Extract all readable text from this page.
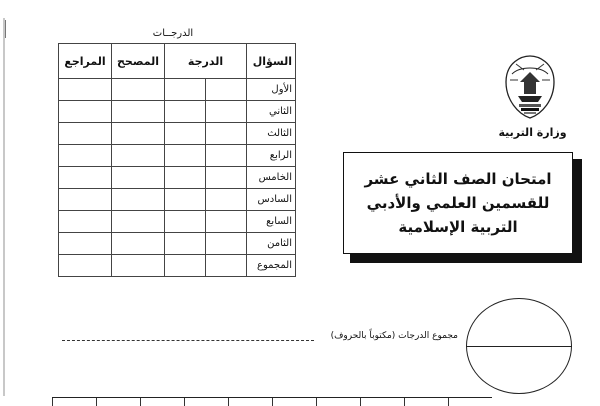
الدرجــات
السؤال	الدرجة		المصحح	المراجع
الأول				
الثاني				
الثالث				
الرابع				
الخامس				
السادس				
السابع				
الثامن				
المجموع				
وزارة التربية
امتحان الصف الثاني عشر
للقسمين العلمي والأدبي
التربية الإسلامية
مجموع الدرجات (مكتوباً بالحروف)
